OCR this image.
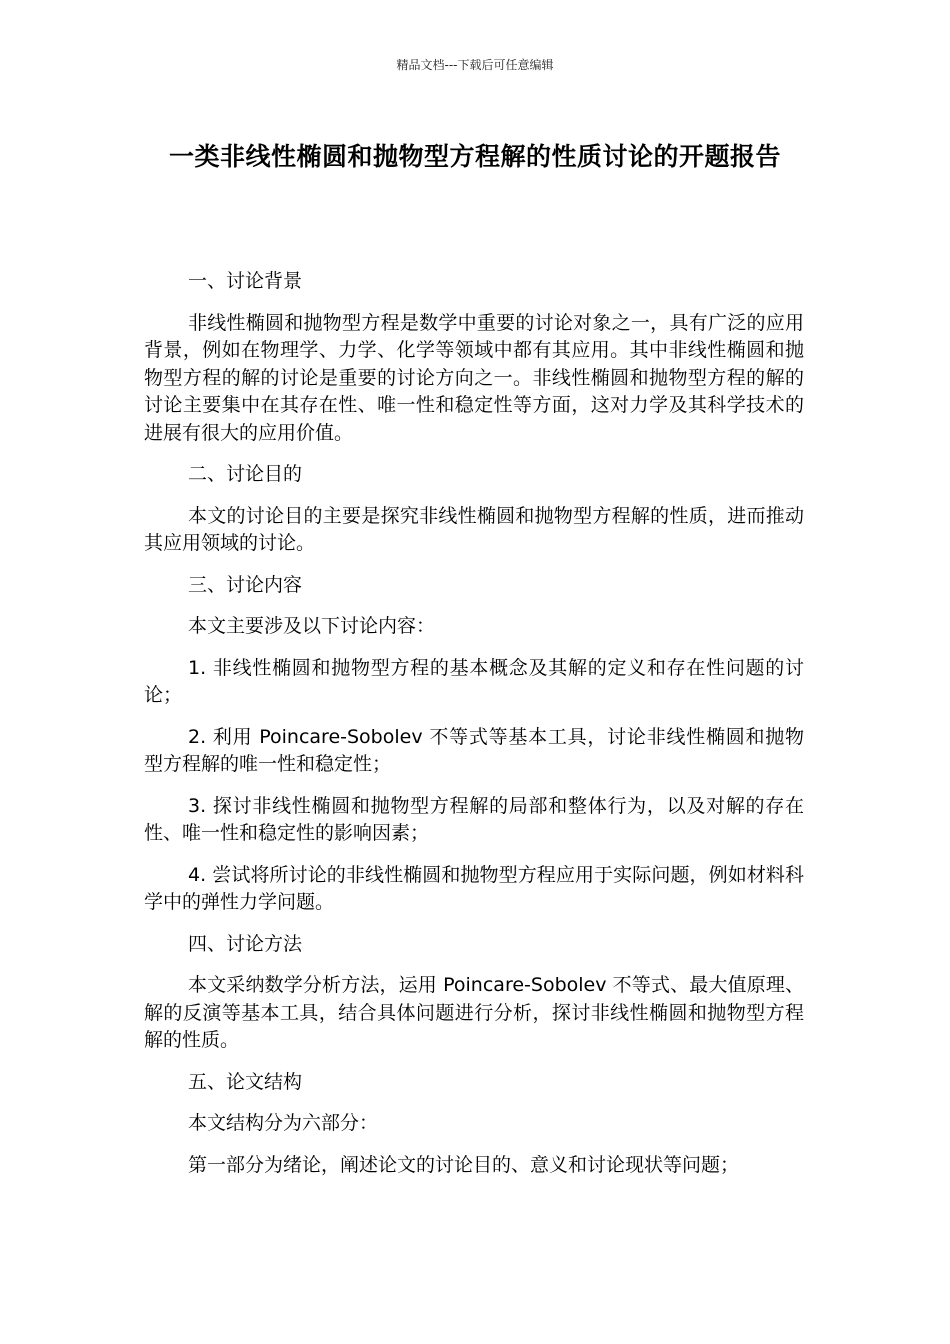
精品文档---下载后可任意编辑
一类非线性椭圆和抛物型方程解的性质讨论的开题报告

一、讨论背景

非线性椭圆和抛物型方程是数学中重要的讨论对象之一，具有广泛的应用背景，例如在物理学、力学、化学等领域中都有其应用。其中非线性椭圆和抛物型方程的解的讨论是重要的讨论方向之一。非线性椭圆和抛物型方程的解的讨论主要集中在其存在性、唯一性和稳定性等方面，这对力学及其科学技术的进展有很大的应用价值。

二、讨论目的

本文的讨论目的主要是探究非线性椭圆和抛物型方程解的性质，进而推动其应用领域的讨论。

三、讨论内容

本文主要涉及以下讨论内容：

1. 非线性椭圆和抛物型方程的基本概念及其解的定义和存在性问题的讨论；

2. 利用 Poincare-Sobolev 不等式等基本工具，讨论非线性椭圆和抛物型方程解的唯一性和稳定性；

3. 探讨非线性椭圆和抛物型方程解的局部和整体行为，以及对解的存在性、唯一性和稳定性的影响因素；

4. 尝试将所讨论的非线性椭圆和抛物型方程应用于实际问题，例如材料科学中的弹性力学问题。

四、讨论方法

本文采纳数学分析方法，运用 Poincare-Sobolev 不等式、最大值原理、解的反演等基本工具，结合具体问题进行分析，探讨非线性椭圆和抛物型方程解的性质。

五、论文结构

本文结构分为六部分：

第一部分为绪论，阐述论文的讨论目的、意义和讨论现状等问题；
